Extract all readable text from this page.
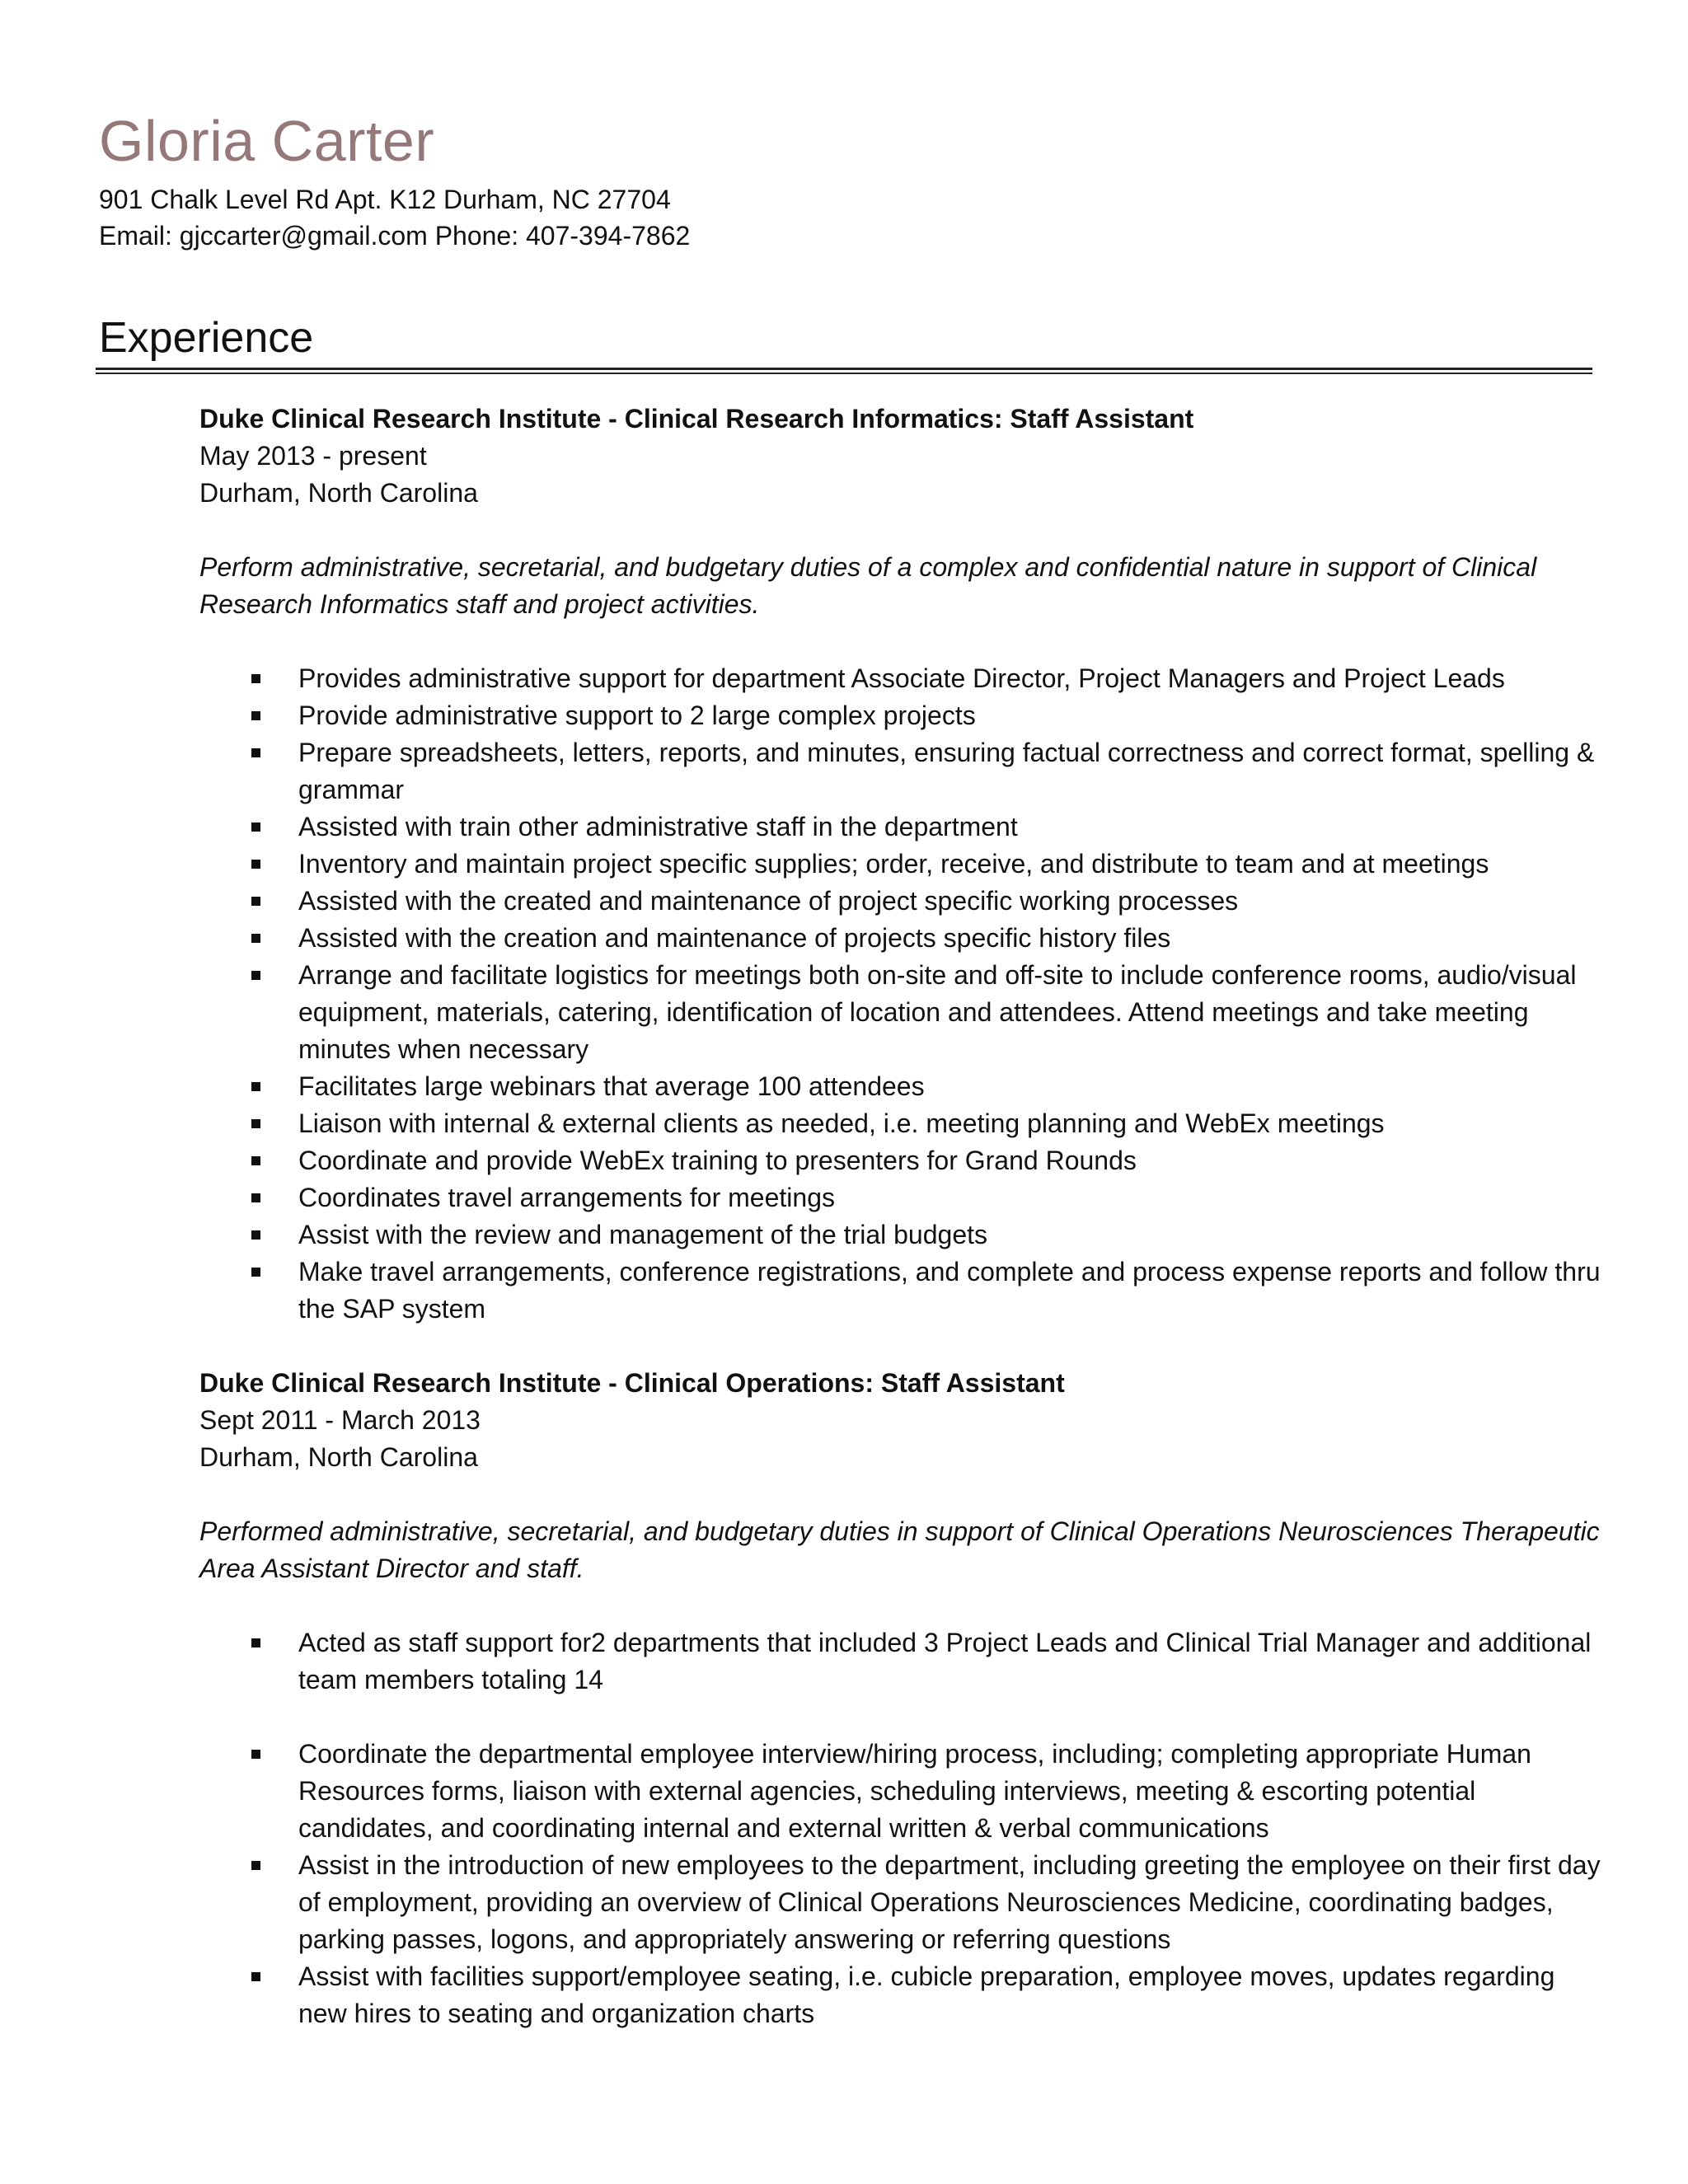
Gloria Carter
901 Chalk Level Rd Apt. K12 Durham, NC 27704
Email: gjccarter@gmail.com Phone: 407-394-7862
Experience

Duke Clinical Research Institute - Clinical Research Informatics: Staff Assistant

May 2013 - present

Durham, North Carolina

Perform administrative, secretarial, and budgetary duties of a complex and confidential nature in support of Clinical Research Informatics staff and project activities.

Provides administrative support for department Associate Director, Project Managers and Project Leads
Provide administrative support to 2 large complex projects
Prepare spreadsheets, letters, reports, and minutes, ensuring factual correctness and correct format, spelling & grammar
Assisted with train other administrative staff in the department
Inventory and maintain project specific supplies; order, receive, and distribute to team and at meetings
Assisted with the created and maintenance of project specific working processes
Assisted with the creation and maintenance of projects specific history files
Arrange and facilitate logistics for meetings both on-site and off-site to include conference rooms, audio/visual equipment, materials, catering, identification of location and attendees. Attend meetings and take meeting minutes when necessary
Facilitates large webinars that average 100 attendees
Liaison with internal & external clients as needed, i.e. meeting planning and WebEx meetings
Coordinate and provide WebEx training to presenters for Grand Rounds
Coordinates travel arrangements for meetings
Assist with the review and management of the trial budgets
Make travel arrangements, conference registrations, and complete and process expense reports and follow thru the SAP system

Duke Clinical Research Institute - Clinical Operations: Staff Assistant

Sept 2011 - March 2013

Durham, North Carolina

Performed administrative, secretarial, and budgetary duties in support of Clinical Operations Neurosciences Therapeutic Area Assistant Director and staff.

Acted as staff support for2 departments that included 3 Project Leads and Clinical Trial Manager and additional team members totaling 14
Coordinate the departmental employee interview/hiring process, including; completing appropriate Human Resources forms, liaison with external agencies, scheduling interviews, meeting & escorting potential candidates, and coordinating internal and external written & verbal communications
Assist in the introduction of new employees to the department, including greeting the employee on their first day of employment, providing an overview of Clinical Operations Neurosciences Medicine, coordinating badges, parking passes, logons, and appropriately answering or referring questions
Assist with facilities support/employee seating, i.e. cubicle preparation, employee moves, updates regarding new hires to seating and organization charts
